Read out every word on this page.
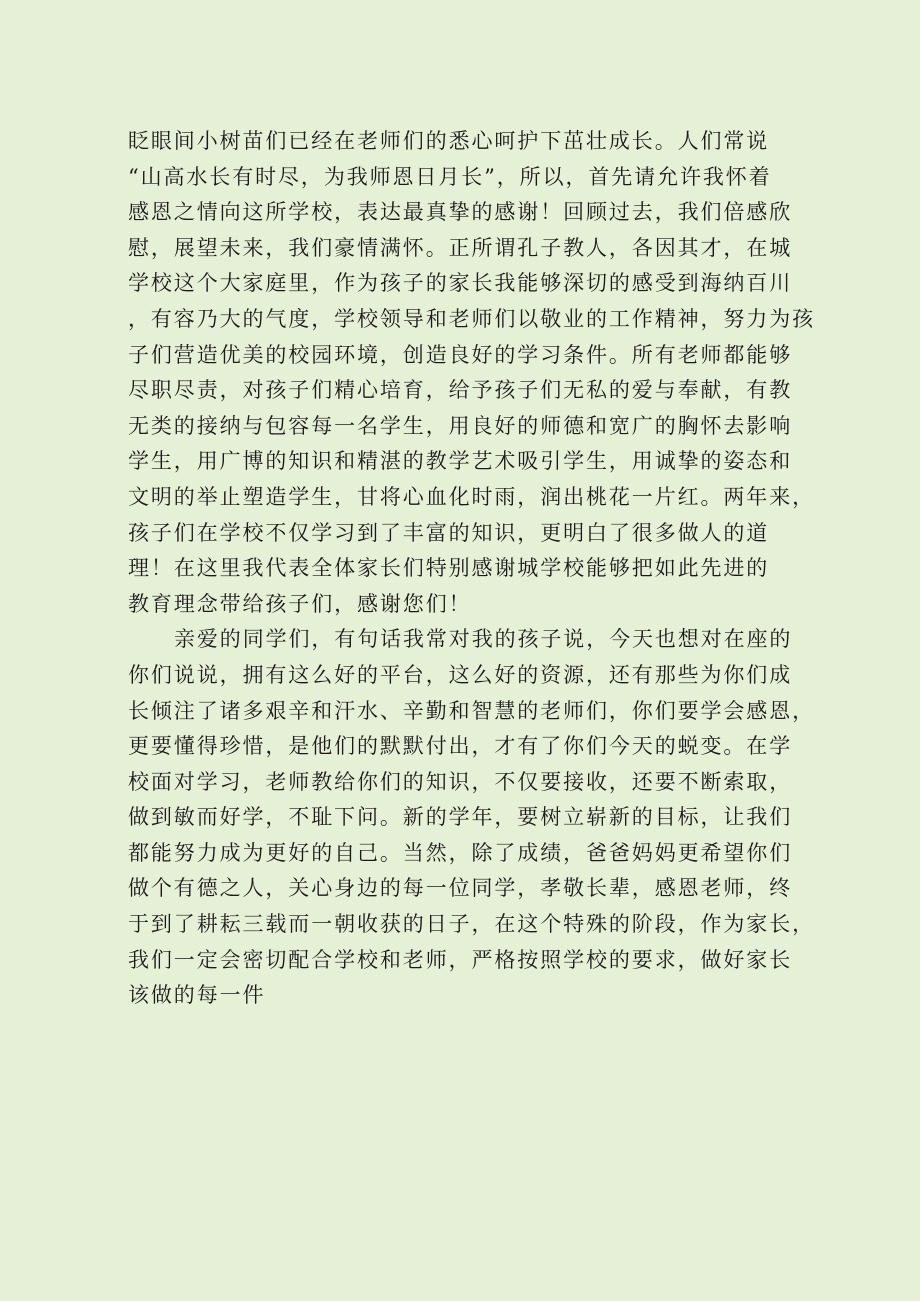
眨眼间小树苗们已经在老师们的悉心呵护下茁壮成长。人们常说
“山高水长有时尽，为我师恩日月长”，所以，首先请允许我怀着
感恩之情向这所学校，表达最真挚的感谢！回顾过去，我们倍感欣
慰，展望未来，我们豪情满怀。正所谓孔子教人，各因其才，在城
学校这个大家庭里，作为孩子的家长我能够深切的感受到海纳百川
，有容乃大的气度，学校领导和老师们以敬业的工作精神，努力为孩
子们营造优美的校园环境，创造良好的学习条件。所有老师都能够
尽职尽责，对孩子们精心培育，给予孩子们无私的爱与奉献，有教
无类的接纳与包容每一名学生，用良好的师德和宽广的胸怀去影响
学生，用广博的知识和精湛的教学艺术吸引学生，用诚挚的姿态和
文明的举止塑造学生，甘将心血化时雨，润出桃花一片红。两年来，
孩子们在学校不仅学习到了丰富的知识，更明白了很多做人的道
理！在这里我代表全体家长们特别感谢城学校能够把如此先进的
教育理念带给孩子们，感谢您们！
亲爱的同学们，有句话我常对我的孩子说，今天也想对在座的
你们说说，拥有这么好的平台，这么好的资源，还有那些为你们成
长倾注了诸多艰辛和汗水、辛勤和智慧的老师们，你们要学会感恩，
更要懂得珍惜，是他们的默默付出，才有了你们今天的蜕变。在学
校面对学习，老师教给你们的知识，不仅要接收，还要不断索取，
做到敏而好学，不耻下问。新的学年，要树立崭新的目标，让我们
都能努力成为更好的自己。当然，除了成绩，爸爸妈妈更希望你们
做个有德之人，关心身边的每一位同学，孝敬长辈，感恩老师，终
于到了耕耘三载而一朝收获的日子，在这个特殊的阶段，作为家长，
我们一定会密切配合学校和老师，严格按照学校的要求，做好家长
该做的每一件
